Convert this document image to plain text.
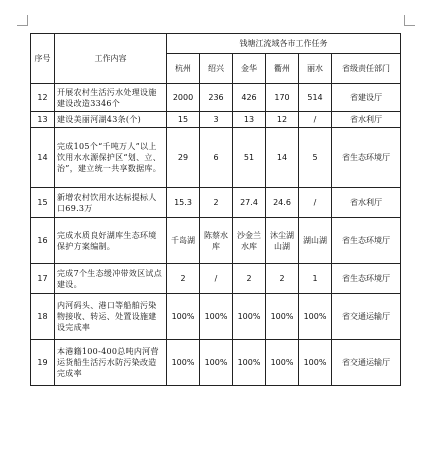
序号	工作内容	钱塘江流域各市工作任务					
		杭州	绍兴	金华	衢州	丽水	省级责任部门
12	开展农村生活污水处理设施建设改造3346个	2000	236	426	170	514	省建设厅
13	建设美丽河湖43条(个)	15	3	13	12	/	省水利厅
14	完成105个“千吨万人”以上饮用水水源保护区“划、立、治”，建立统一共享数据库。	29	6	51	14	5	省生态环境厅
15	新增农村饮用水达标提标人口69.3万	15.3	2	27.4	24.6	/	省水利厅
16	完成水质良好湖库生态环境保护方案编制。	千岛湖	陈蔡水库	沙金兰水库	沐尘湖山湖	湖山湖	省生态环境厅
17	完成7个生态缓冲带效区试点建设。	2	/	2	2	1	省生态环境厅
18	内河码头、港口等船舶污染物接收、转运、处置设施建设完成率	100%	100%	100%	100%	100%	省交通运输厅
19	本港籍100-400总吨内河营运货船生活污水防污染改造完成率	100%	100%	100%	100%	100%	省交通运输厅
